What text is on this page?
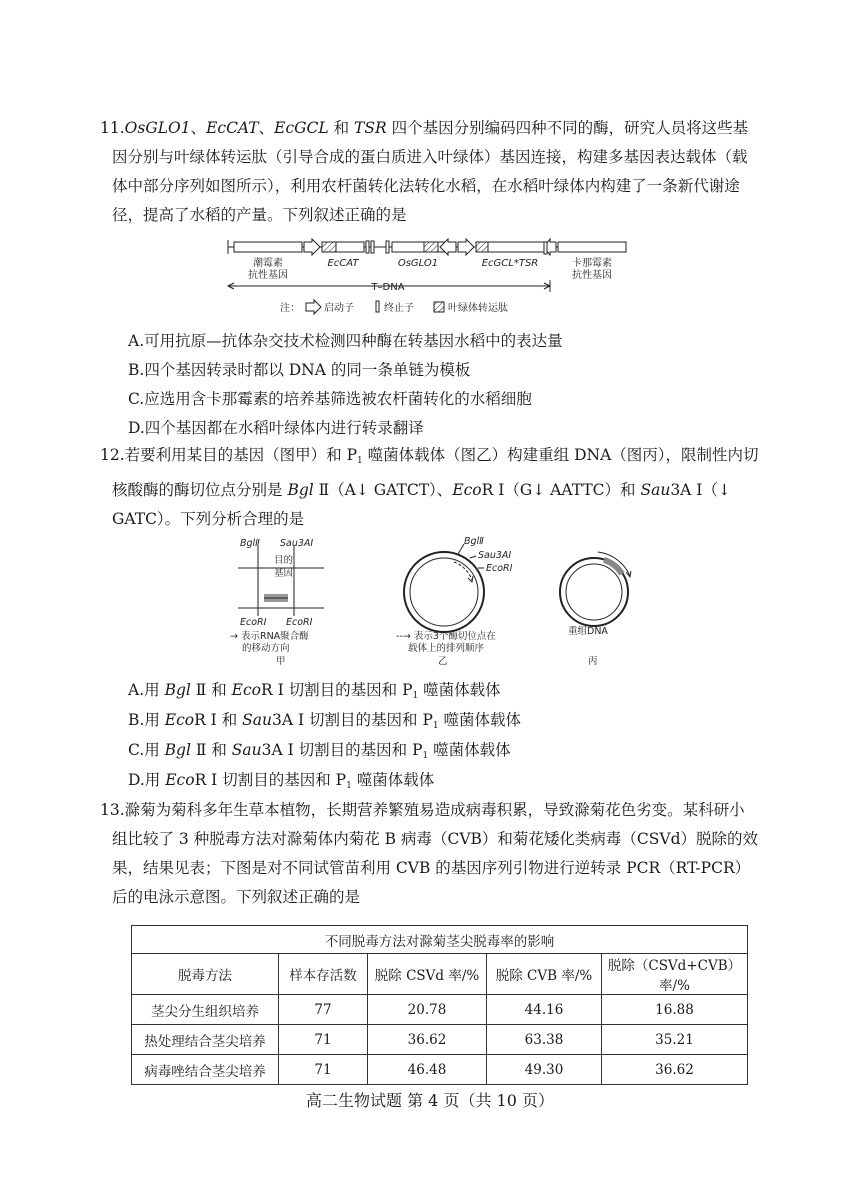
11.OsGLO1、EcCAT、EcGCL 和 TSR 四个基因分别编码四种不同的酶，研究人员将这些基因分别与叶绿体转运肽（引导合成的蛋白质进入叶绿体）基因连接，构建多基因表达载体（载体中部分序列如图所示），利用农杆菌转化法转化水稻，在水稻叶绿体内构建了一条新代谢途径，提高了水稻的产量。下列叙述正确的是
潮霉素
抗性基因
EcCAT	OsGLO1	EcGCL*TSR	卡那霉素
抗性基因
T–DNA
注： 启动子	终止子	叶绿体转运肽
A.可用抗原—抗体杂交技术检测四种酶在转基因水稻中的表达量
B.四个基因转录时都以 DNA 的同一条单链为模板
C.应选用含卡那霉素的培养基筛选被农杆菌转化的水稻细胞
D.四个基因都在水稻叶绿体内进行转录翻译
12.若要利用某目的基因（图甲）和 $P_1$ 噬菌体载体（图乙）构建重组 DNA（图丙），限制性内切核酸酶的酶切位点分别是 Bgl Ⅱ（A↓ GATCT）、EcoR Ⅰ（G↓ AATTC）和 Sau3A Ⅰ（↓ GATC）。下列分析合理的是
BglⅡ Sau3AⅠ
目的
基因
EcoRⅠ EcoRⅠ
→ 表示RNA聚合酶
的移动方向
甲
BglⅡ
Sau3AⅠ
EcoRⅠ
--→ 表示3个酶切位点在
载体上的排列顺序
乙
重组DNA
丙
A.用 Bgl Ⅱ 和 EcoR Ⅰ 切割目的基因和 $P_1$ 噬菌体载体
B.用 EcoR Ⅰ 和 Sau3A Ⅰ 切割目的基因和 $P_1$ 噬菌体载体
C.用 Bgl Ⅱ 和 Sau3A Ⅰ 切割目的基因和 $P_1$ 噬菌体载体
D.用 EcoR Ⅰ 切割目的基因和 $P_1$ 噬菌体载体
13.滁菊为菊科多年生草本植物，长期营养繁殖易造成病毒积累，导致滁菊花色劣变。某科研小组比较了 3 种脱毒方法对滁菊体内菊花 B 病毒（CVB）和菊花矮化类病毒（CSVd）脱除的效果，结果见表；下图是对不同试管苗利用 CVB 的基因序列引物进行逆转录 PCR（RT-PCR）后的电泳示意图。下列叙述正确的是
不同脱毒方法对滁菊茎尖脱毒率的影响				
脱毒方法	样本存活数	脱除 CSVd 率/%	脱除 CVB 率/%	脱除（CSVd+CVB）率/%
茎尖分生组织培养	77	20.78	44.16	16.88
热处理结合茎尖培养	71	36.62	63.38	35.21
病毒唑结合茎尖培养	71	46.48	49.30	36.62
高二生物试题 第 4 页（共 10 页）
